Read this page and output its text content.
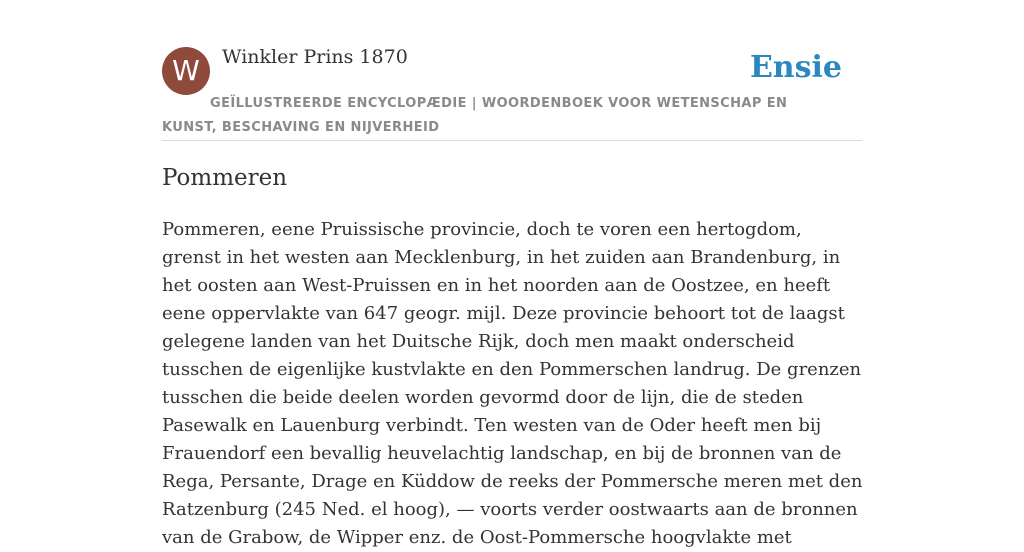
W	Winkler Prins 1870	Ensie
GEÏLLUSTREERDE ENCYCLOPÆDIE | WOORDENBOEK VOOR WETENSCHAP EN KUNST, BESCHAVING EN NIJVERHEID
Pommeren

Pommeren, eene Pruissische provincie, doch te voren een hertogdom, grenst in het westen aan Mecklenburg, in het zuiden aan Brandenburg, in het oosten aan West-Pruissen en in het noorden aan de Oostzee, en heeft eene oppervlakte van 647 geogr. mijl. Deze provincie behoort tot de laagst gelegene landen van het Duitsche Rijk, doch men maakt onderscheid tusschen de eigenlijke kustvlakte en den Pommerschen landrug. De grenzen tusschen die beide deelen worden gevormd door de lijn, die de steden Pasewalk en Lauenburg verbindt. Ten westen van de Oder heeft men bij Frauendorf een bevallig heuvelachtig landschap, en bij de bronnen van de Rega, Persante, Drage en Küddow de reeks der Pommersche meren met den Ratzenburg (245 Ned. el hoog), — voorts verder oostwaarts aan de bronnen van de Grabow, de Wipper enz. de Oost-Pommersche hoogvlakte met
